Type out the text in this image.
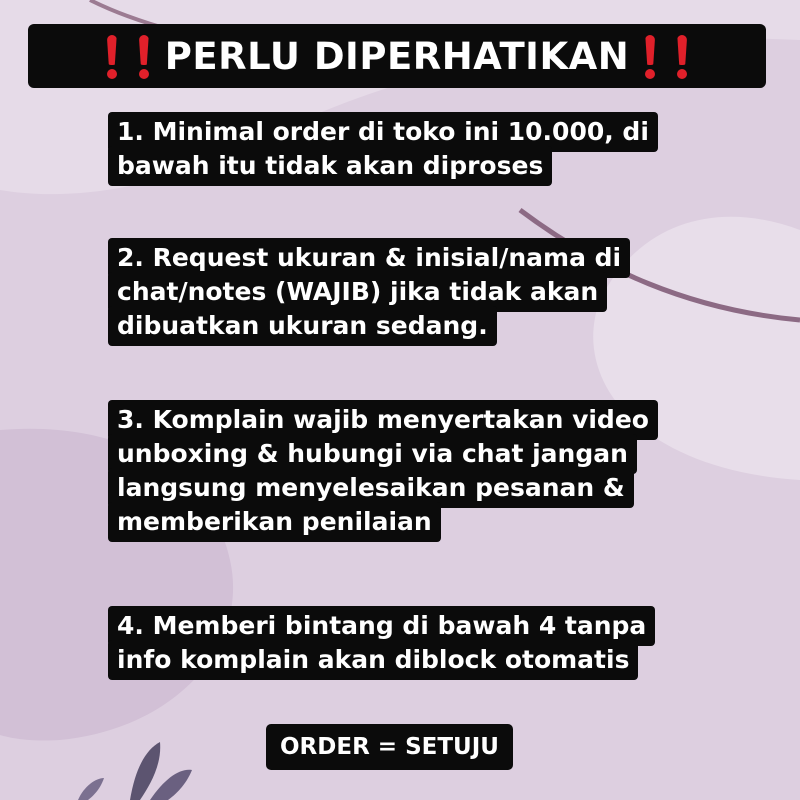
PERLU DIPERHATIKAN
1. Minimal order di toko ini 10.000, di
bawah itu tidak akan diproses
2. Request ukuran & inisial/nama di
chat/notes (WAJIB) jika tidak akan
dibuatkan ukuran sedang.
3. Komplain wajib menyertakan video
unboxing & hubungi via chat jangan
langsung menyelesaikan pesanan &
memberikan penilaian
4. Memberi bintang di bawah 4 tanpa
info komplain akan diblock otomatis
ORDER = SETUJU
